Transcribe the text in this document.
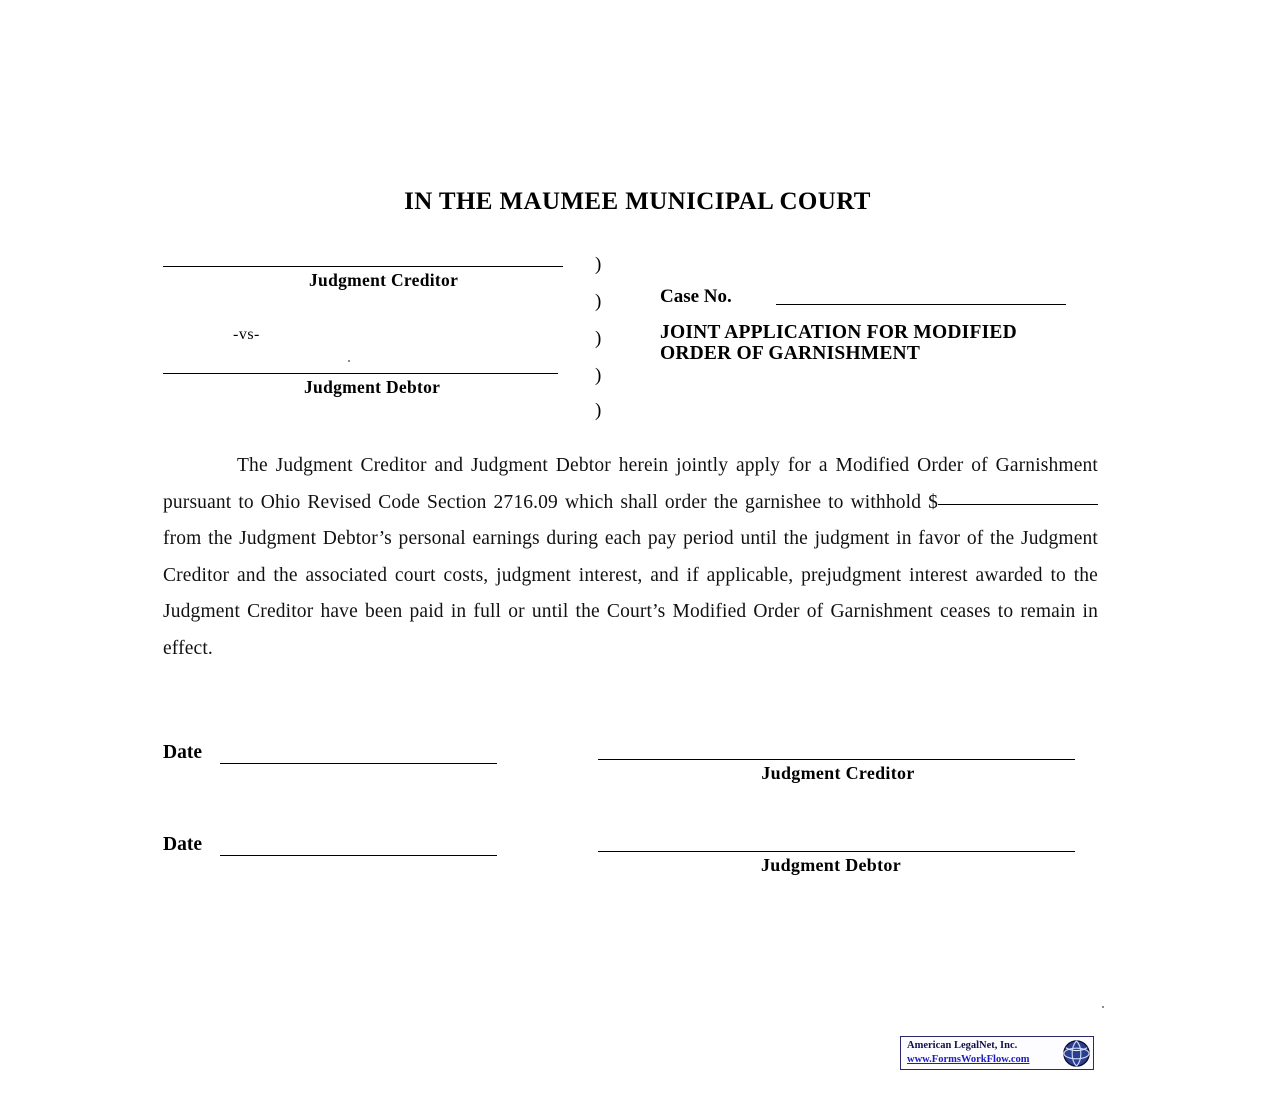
IN THE MAUMEE MUNICIPAL COURT
Judgment Creditor
-vs-
Judgment Debtor
)
)
)
)
)
Case No.
JOINT APPLICATION FOR MODIFIED
ORDER OF GARNISHMENT
The Judgment Creditor and Judgment Debtor herein jointly apply for a Modified Order of Garnishment pursuant to Ohio Revised Code Section 2716.09 which shall order the garnishee to withhold $ from the Judgment Debtor’s personal earnings during each pay period until the judgment in favor of the Judgment Creditor and the associated court costs, judgment interest, and if applicable, prejudgment interest awarded to the Judgment Creditor have been paid in full or until the Court’s Modified Order of Garnishment ceases to remain in effect.
Date
Judgment Creditor
Date
Judgment Debtor
American LegalNet, Inc.
www.FormsWorkFlow.com
